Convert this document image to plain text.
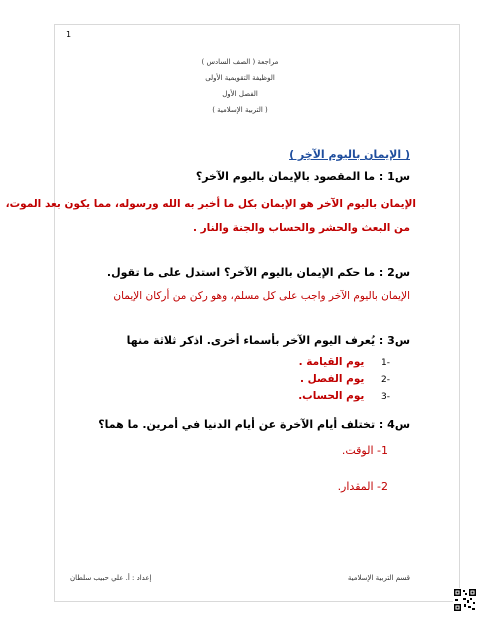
1
مراجعة ( الصف السادس )
الوظيفة التقويمية الأولى
الفصل الأول
( التربية الإسلامية )
( الإيمان باليوم الآخِر )
س1 : ما المقصود بالإيمان باليوم الآخر؟
الإيمان باليوم الآخر هو الإيمان بكل ما أخبر به الله ورسوله، مما يكون بعد الموت،
من البعث والحشر والحساب والجنة والنار .
س2 : ما حكم الإيمان باليوم الآخر؟ استدل على ما تقول.
الإيمان باليوم الآخر واجب على كل مسلم، وهو ركن من أركان الإيمان
س3 : يُعرف اليوم الآخر بأسماء أخرى. اذكر ثلاثة منها
-1 يوم القيامة .
-2 يوم الفصل .
-3 يوم الحساب.
س4 : تختلف أيام الآخرة عن أيام الدنيا في أمرين. ما هما؟
1- الوقت.
2- المقدار.
إعداد : أ. علي حبيب سلطان	قسم التربية الإسلامية
